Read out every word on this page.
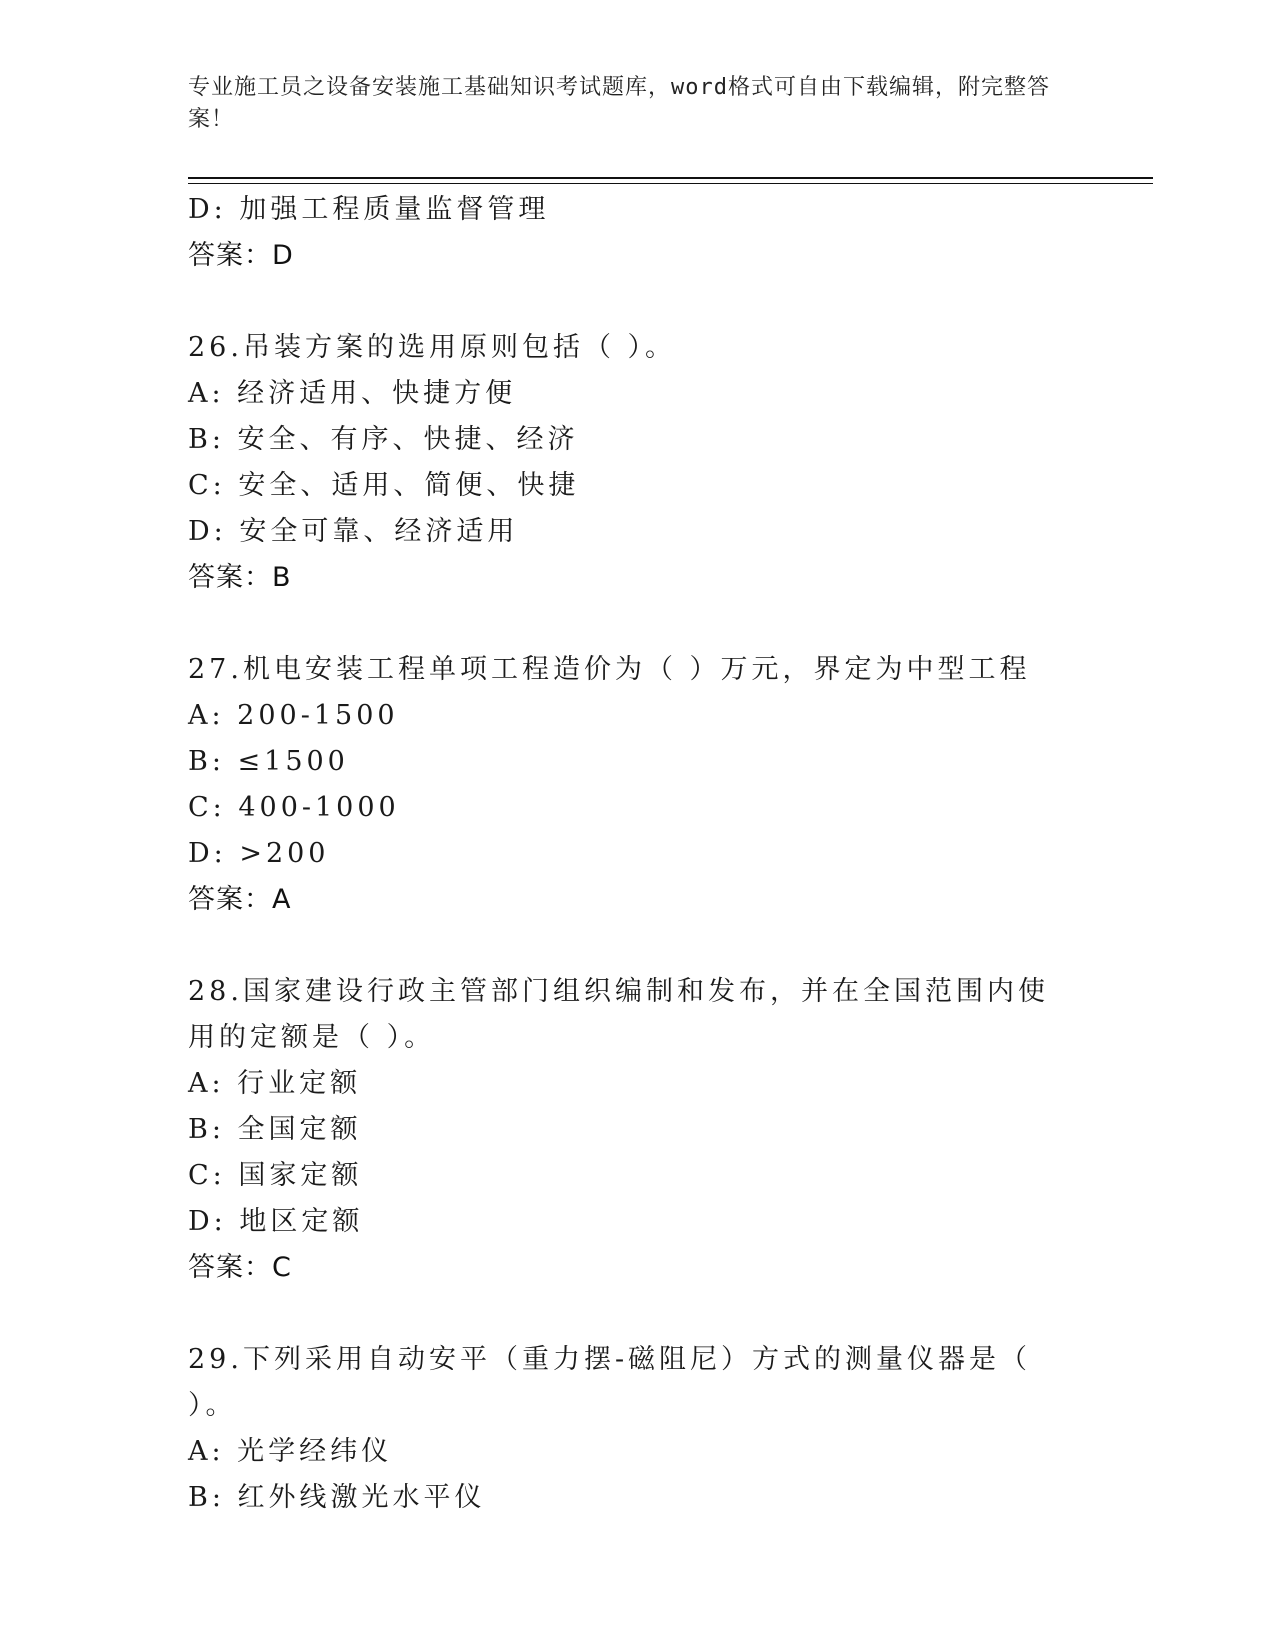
专业施工员之设备安装施工基础知识考试题库，word格式可自由下载编辑，附完整答案！
D: 加强工程质量监督管理
答案：D
26.吊装方案的选用原则包括（ ）。
A: 经济适用、快捷方便
B: 安全、有序、快捷、经济
C: 安全、适用、简便、快捷
D: 安全可靠、经济适用
答案：B
27.机电安装工程单项工程造价为（ ）万元，界定为中型工程
A: 200-1500
B: ≤1500
C: 400-1000
D: >200
答案：A
28.国家建设行政主管部门组织编制和发布，并在全国范围内使用的定额是（ ）。
A: 行业定额
B: 全国定额
C: 国家定额
D: 地区定额
答案：C
29.下列采用自动安平（重力摆-磁阻尼）方式的测量仪器是（ ）。
A: 光学经纬仪
B: 红外线激光水平仪
